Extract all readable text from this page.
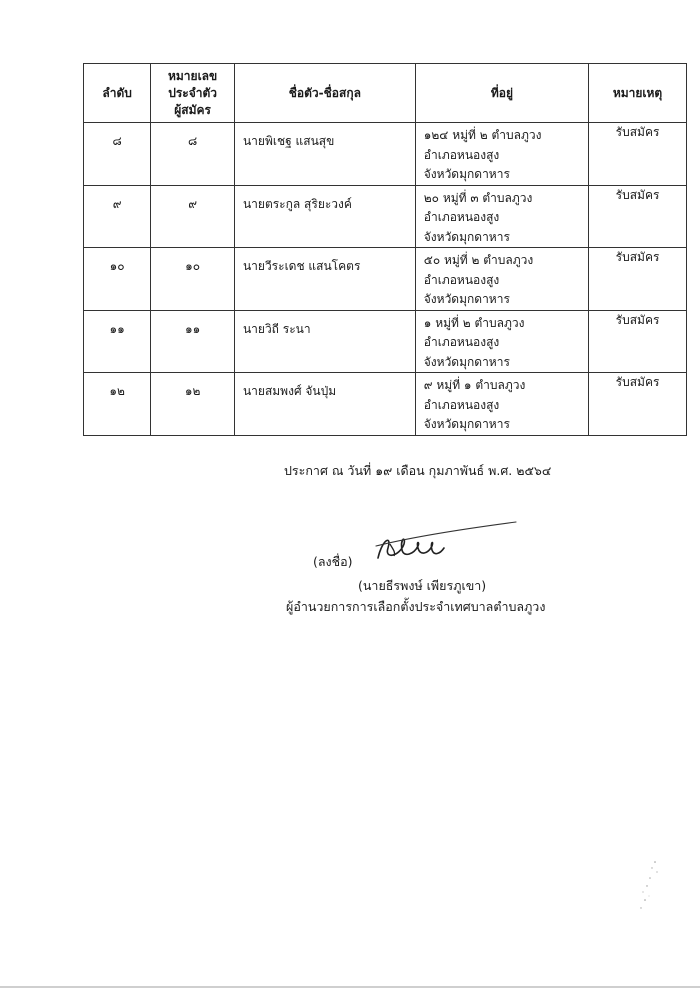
ลำดับ	หมายเลข
ประจำตัว
ผู้สมัคร	ชื่อตัว-ชื่อสกุล	ที่อยู่	หมายเหตุ

๘	๘	นายพิเชฐ แสนสุข	๑๒๔ หมู่ที่ ๒ ตำบลภูวง
อำเภอหนองสูง
จังหวัดมุกดาหาร	รับสมัคร

๙	๙	นายตระกูล สุริยะวงค์	๒๐ หมู่ที่ ๓ ตำบลภูวง
อำเภอหนองสูง
จังหวัดมุกดาหาร	รับสมัคร

๑๐	๑๐	นายวีระเดช แสนโคตร	๕๐ หมู่ที่ ๒ ตำบลภูวง
อำเภอหนองสูง
จังหวัดมุกดาหาร	รับสมัคร

๑๑	๑๑	นายวิถี ระนา	๑ หมู่ที่ ๒ ตำบลภูวง
อำเภอหนองสูง
จังหวัดมุกดาหาร	รับสมัคร

๑๒	๑๒	นายสมพงศ์ จันปุ่ม	๙ หมู่ที่ ๑ ตำบลภูวง
อำเภอหนองสูง
จังหวัดมุกดาหาร	รับสมัคร
ประกาศ ณ วันที่ ๑๙ เดือน กุมภาพันธ์ พ.ศ. ๒๕๖๔
(ลงชื่อ)
(นายธีรพงษ์ เพียรภูเขา)
ผู้อำนวยการการเลือกตั้งประจำเทศบาลตำบลภูวง
